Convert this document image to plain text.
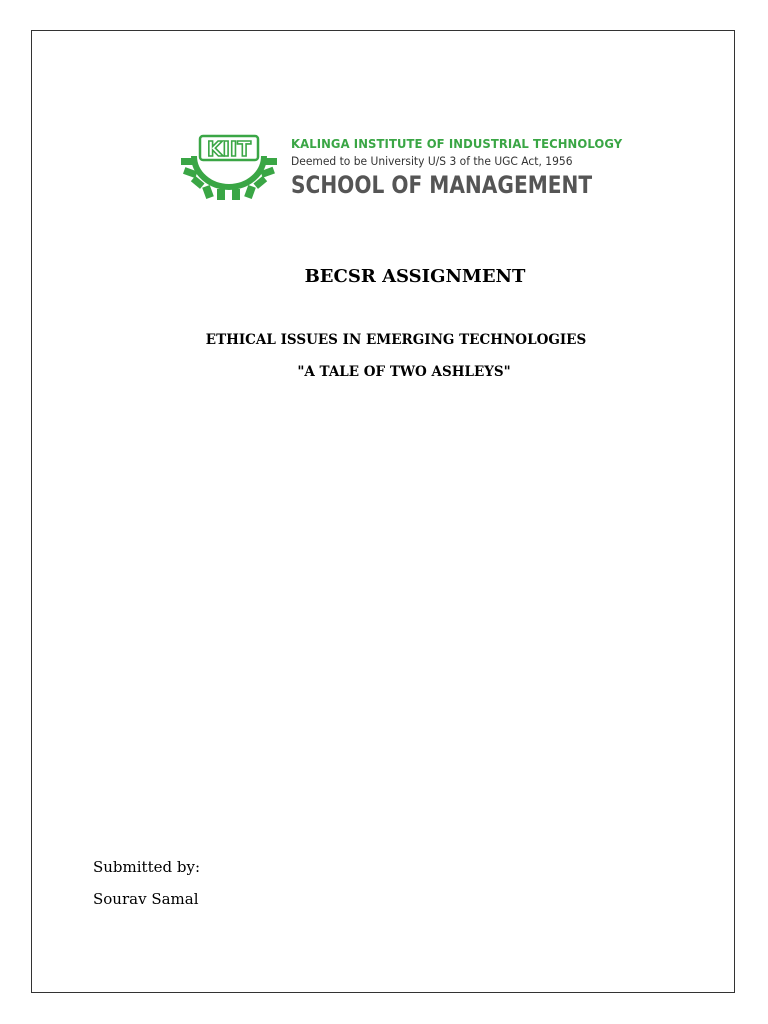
KIIT	KALINGA INSTITUTE OF INDUSTRIAL TECHNOLOGY
Deemed to be University U/S 3 of the UGC Act, 1956
SCHOOL OF MANAGEMENT
BECSR ASSIGNMENT
ETHICAL ISSUES IN EMERGING TECHNOLOGIES
"A TALE OF TWO ASHLEYS"
Submitted by:
Sourav Samal
